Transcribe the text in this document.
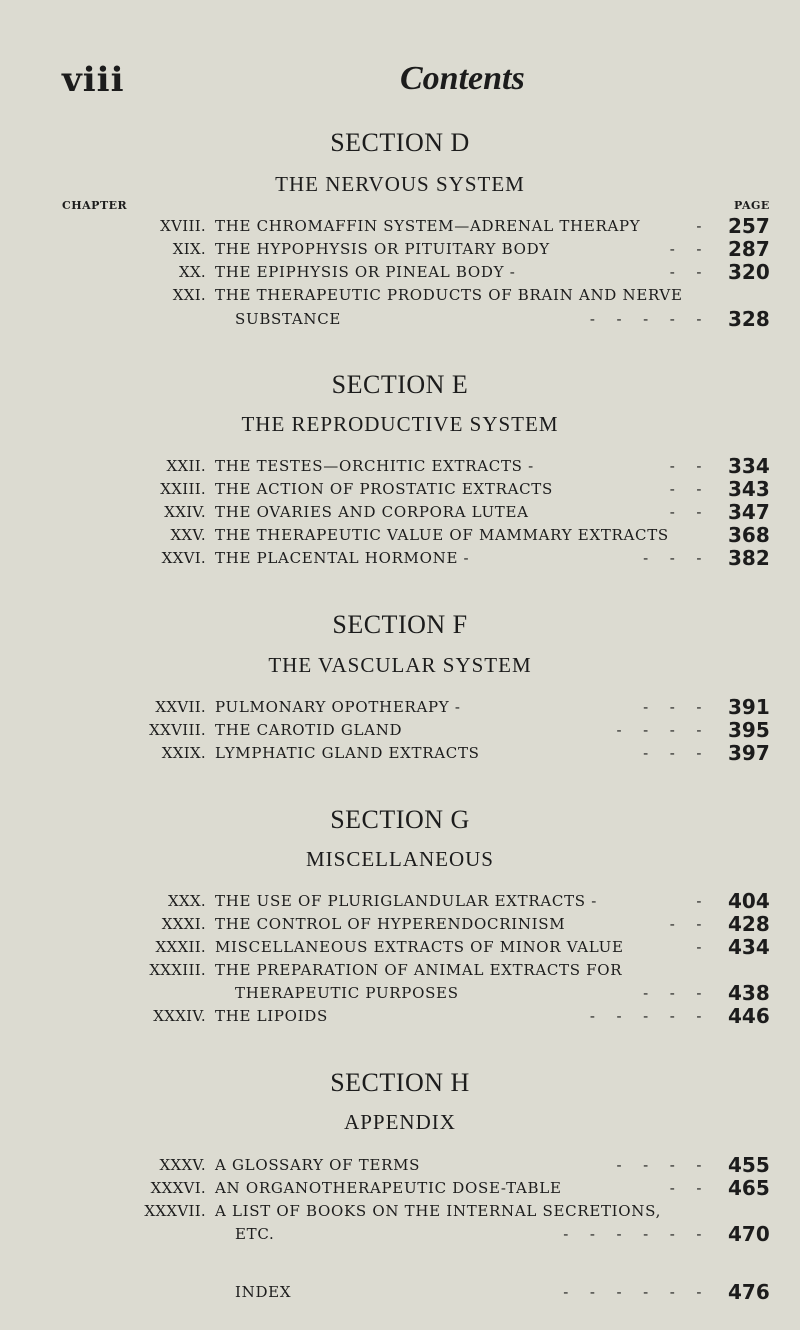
viii	Contents
CHAPTER	PAGE
SECTION D
THE NERVOUS SYSTEM
XVIII. THE CHROMAFFIN SYSTEM—ADRENAL THERAPY	- 257
XIX. THE HYPOPHYSIS OR PITUITARY BODY	-    - 287
XX. THE EPIPHYSIS OR PINEAL BODY -	-    - 320
XXI. THE THERAPEUTIC PRODUCTS OF BRAIN AND NERVE
SUBSTANCE	-    -    -    -    - 328
SECTION E
THE REPRODUCTIVE SYSTEM
XXII. THE TESTES—ORCHITIC EXTRACTS -	-    - 334
XXIII. THE ACTION OF PROSTATIC EXTRACTS	-    - 343
XXIV. THE OVARIES AND CORPORA LUTEA	-    - 347
XXV. THE THERAPEUTIC VALUE OF MAMMARY EXTRACTS	368
XXVI. THE PLACENTAL HORMONE -	-    -    - 382
SECTION F
THE VASCULAR SYSTEM
XXVII. PULMONARY OPOTHERAPY -	-    -    - 391
XXVIII. THE CAROTID GLAND	-    -    -    - 395
XXIX. LYMPHATIC GLAND EXTRACTS	-    -    - 397
SECTION G
MISCELLANEOUS
XXX. THE USE OF PLURIGLANDULAR EXTRACTS -	- 404
XXXI. THE CONTROL OF HYPERENDOCRINISM	-    - 428
XXXII. MISCELLANEOUS EXTRACTS OF MINOR VALUE	- 434
XXXIII. THE PREPARATION OF ANIMAL EXTRACTS FOR
THERAPEUTIC PURPOSES	-    -    - 438
XXXIV. THE LIPOIDS	-    -    -    -    - 446
SECTION H
APPENDIX
XXXV. A GLOSSARY OF TERMS	-    -    -    - 455
XXXVI. AN ORGANOTHERAPEUTIC DOSE-TABLE	-    - 465
XXXVII. A LIST OF BOOKS ON THE INTERNAL SECRETIONS,
ETC.	-    -    -    -    -    - 470
INDEX	-    -    -    -    -    - 476
